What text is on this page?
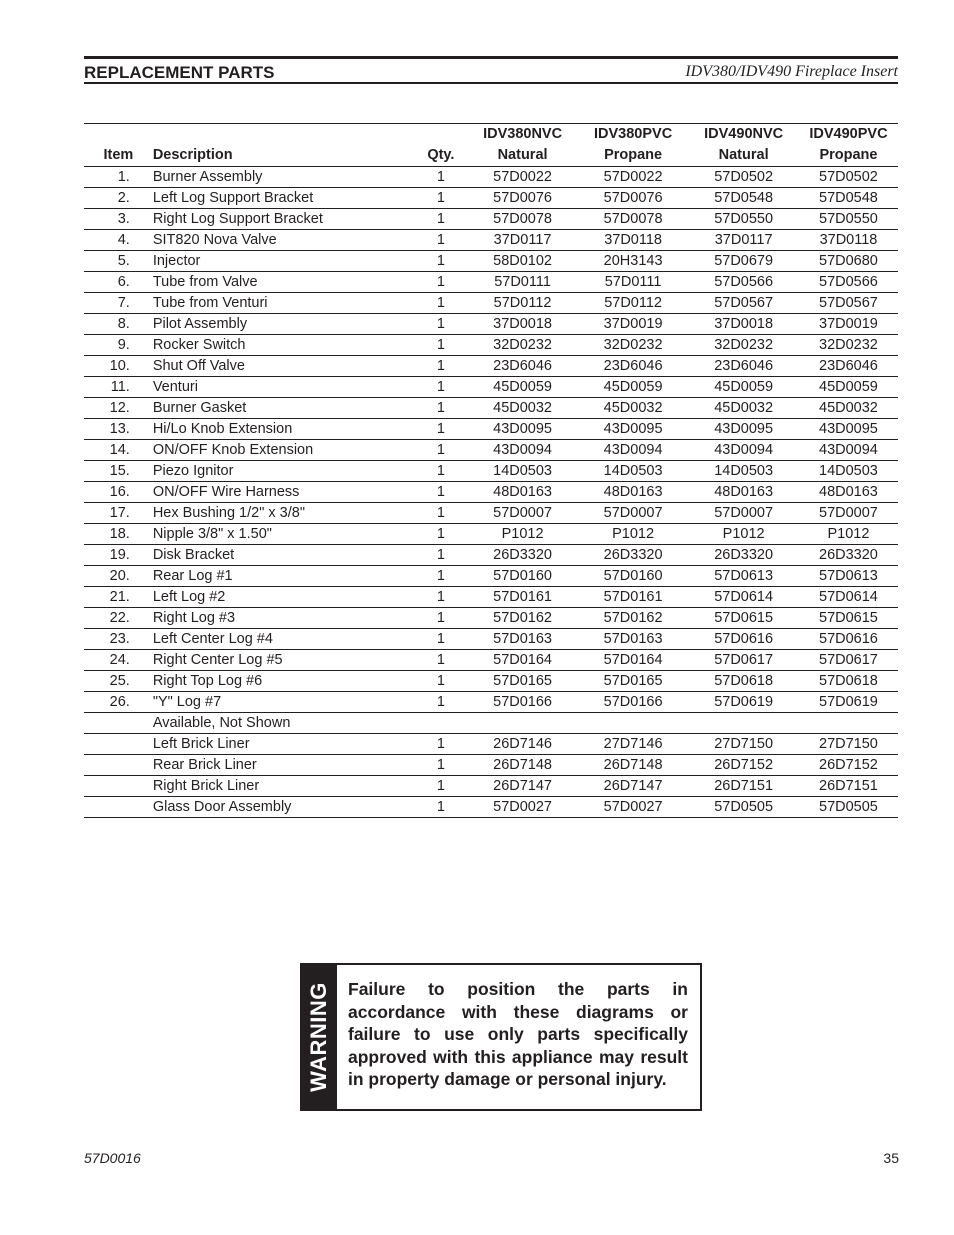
REPLACEMENT PARTS	IDV380/IDV490 Fireplace Insert
			IDV380NVC	IDV380PVC	IDV490NVC	IDV490PVC
Item	Description	Qty.	Natural	Propane	Natural	Propane
1.	Burner Assembly	1	57D0022	57D0022	57D0502	57D0502
2.	Left Log Support Bracket	1	57D0076	57D0076	57D0548	57D0548
3.	Right Log Support Bracket	1	57D0078	57D0078	57D0550	57D0550
4.	SIT820 Nova Valve	1	37D0117	37D0118	37D0117	37D0118
5.	Injector	1	58D0102	20H3143	57D0679	57D0680
6.	Tube from Valve	1	57D0111	57D0111	57D0566	57D0566
7.	Tube from Venturi	1	57D0112	57D0112	57D0567	57D0567
8.	Pilot Assembly	1	37D0018	37D0019	37D0018	37D0019
9.	Rocker Switch	1	32D0232	32D0232	32D0232	32D0232
10.	Shut Off Valve	1	23D6046	23D6046	23D6046	23D6046
11.	Venturi	1	45D0059	45D0059	45D0059	45D0059
12.	Burner Gasket	1	45D0032	45D0032	45D0032	45D0032
13.	Hi/Lo Knob Extension	1	43D0095	43D0095	43D0095	43D0095
14.	ON/OFF Knob Extension	1	43D0094	43D0094	43D0094	43D0094
15.	Piezo Ignitor	1	14D0503	14D0503	14D0503	14D0503
16.	ON/OFF Wire Harness	1	48D0163	48D0163	48D0163	48D0163
17.	Hex Bushing 1/2" x 3/8"	1	57D0007	57D0007	57D0007	57D0007
18.	Nipple 3/8" x 1.50"	1	P1012	P1012	P1012	P1012
19.	Disk Bracket	1	26D3320	26D3320	26D3320	26D3320
20.	Rear Log #1	1	57D0160	57D0160	57D0613	57D0613
21.	Left Log #2	1	57D0161	57D0161	57D0614	57D0614
22.	Right Log #3	1	57D0162	57D0162	57D0615	57D0615
23.	Left Center Log #4	1	57D0163	57D0163	57D0616	57D0616
24.	Right Center Log #5	1	57D0164	57D0164	57D0617	57D0617
25.	Right Top Log #6	1	57D0165	57D0165	57D0618	57D0618
26.	"Y" Log #7	1	57D0166	57D0166	57D0619	57D0619
	Available, Not Shown					
	Left Brick Liner	1	26D7146	27D7146	27D7150	27D7150
	Rear Brick Liner	1	26D7148	26D7148	26D7152	26D7152
	Right Brick Liner	1	26D7147	26D7147	26D7151	26D7151
	Glass Door Assembly	1	57D0027	57D0027	57D0505	57D0505
WARNING Failure to position the parts in accordance with these diagrams or failure to use only parts specifically approved with this appliance may result in property damage or personal injury.
57D0016	35
